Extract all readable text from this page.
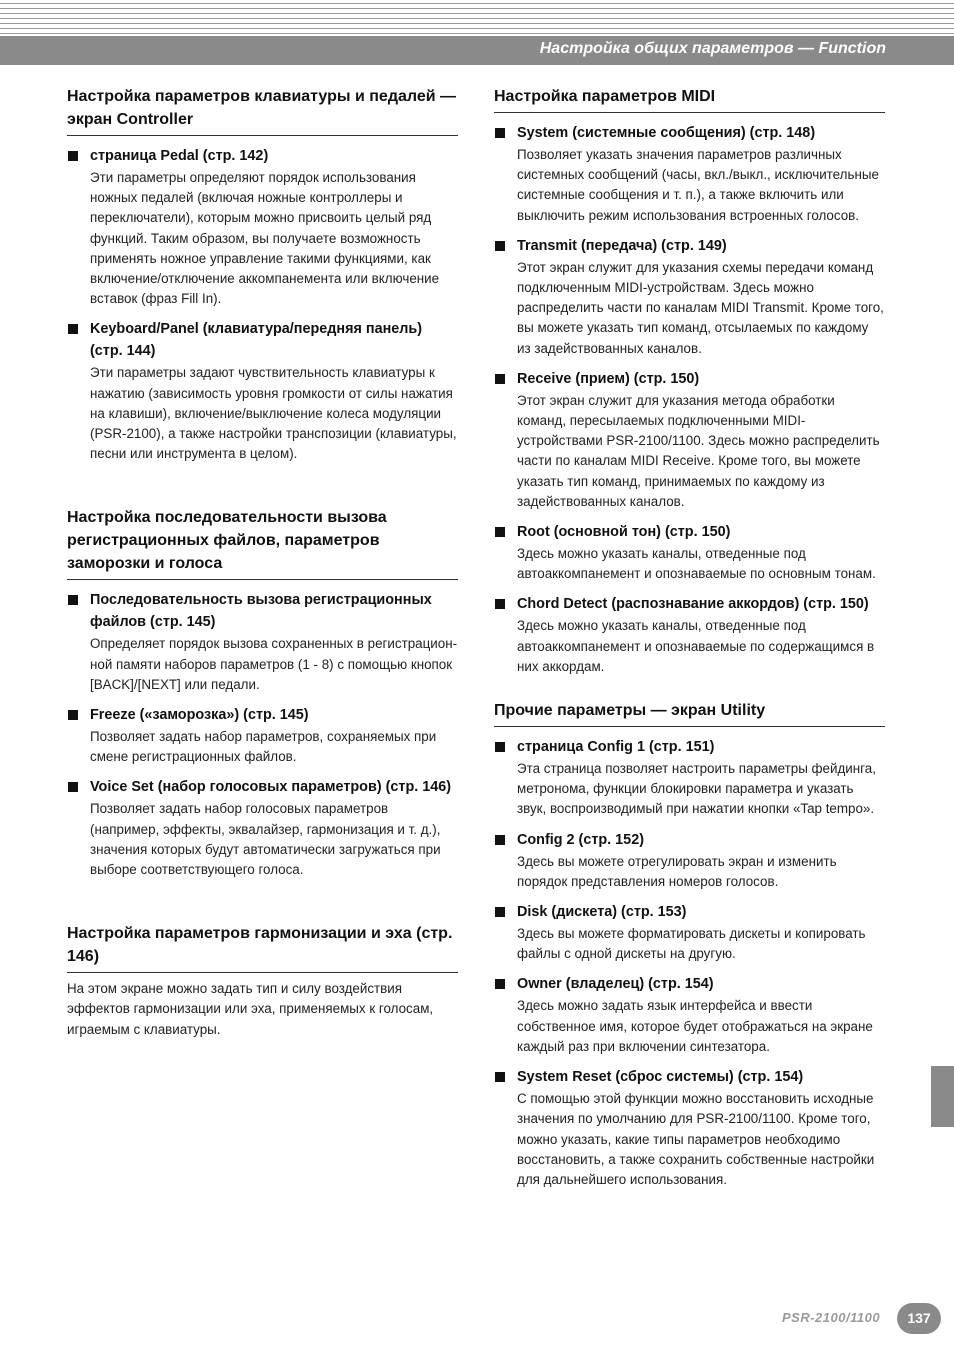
Настройка общих параметров — Function
Настройка параметров клавиатуры и педалей — экран Controller
страница Pedal (стр. 142)
Эти параметры определяют порядок использования ножных педалей (включая ножные контроллеры и переключатели), которым можно присвоить целый ряд функций. Таким образом, вы получаете возможность применять ножное управление такими функциями, как включение/отключение аккомпанемента или включение вставок (фраз Fill In).
Keyboard/Panel (клавиатура/передняя панель) (стр. 144)
Эти параметры задают чувствительность клавиатуры к нажатию (зависимость уровня громкости от силы нажатия на клавиши), включение/выключение колеса модуляции (PSR-2100), а также настройки транспозиции (клавиатуры, песни или инструмента в целом).
Настройка последовательности вызова регистрационных файлов, параметров заморозки и голоса
Последовательность вызова регистрационных файлов (стр. 145)
Определяет порядок вызова сохраненных в регистрацион-ной памяти наборов параметров (1 - 8) с помощью кнопок [BACK]/[NEXT] или педали.
Freeze («заморозка») (стр. 145)
Позволяет задать набор параметров, сохраняемых при смене регистрационных файлов.
Voice Set (набор голосовых параметров) (стр. 146)
Позволяет задать набор голосовых параметров (например, эффекты, эквалайзер, гармонизация и т. д.), значения которых будут автоматически загружаться при выборе соответствующего голоса.
Настройка параметров гармонизации и эха (стр. 146)
На этом экране можно задать тип и силу воздействия эффектов гармонизации или эха, применяемых к голосам, играемым с клавиатуры.
Настройка параметров MIDI
System (системные сообщения) (стр. 148)
Позволяет указать значения параметров различных системных сообщений (часы, вкл./выкл., исключительные системные сообщения и т. п.), а также включить или выключить режим использования встроенных голосов.
Transmit (передача) (стр. 149)
Этот экран служит для указания схемы передачи команд подключенным MIDI-устройствам. Здесь можно распределить части по каналам MIDI Transmit. Кроме того, вы можете указать тип команд, отсылаемых по каждому из задействованных каналов.
Receive (прием) (стр. 150)
Этот экран служит для указания метода обработки команд, пересылаемых подключенными MIDI-устройствами PSR-2100/1100. Здесь можно распределить части по каналам MIDI Receive. Кроме того, вы можете указать тип команд, принимаемых по каждому из задействованных каналов.
Root (основной тон) (стр. 150)
Здесь можно указать каналы, отведенные под автоаккомпанемент и опознаваемые по основным тонам.
Chord Detect (распознавание аккордов) (стр. 150)
Здесь можно указать каналы, отведенные под автоаккомпанемент и опознаваемые по содержащимся в них аккордам.
Прочие параметры — экран Utility
страница Config 1 (стр. 151)
Эта страница позволяет настроить параметры фейдинга, метронома, функции блокировки параметра и указать звук, воспроизводимый при нажатии кнопки «Tap tempo».
Config 2 (стр. 152)
Здесь вы можете отрегулировать экран и изменить порядок представления номеров голосов.
Disk (дискета) (стр. 153)
Здесь вы можете форматировать дискеты и копировать файлы с одной дискеты на другую.
Owner (владелец) (стр. 154)
Здесь можно задать язык интерфейса и ввести собственное имя, которое будет отображаться на экране каждый раз при включении синтезатора.
System Reset (сброс системы) (стр. 154)
С помощью этой функции можно восстановить исходные значения по умолчанию для PSR-2100/1100. Кроме того, можно указать, какие типы параметров необходимо восстановить, а также сохранить собственные настройки для дальнейшего использования.
PSR-2100/1100	137
